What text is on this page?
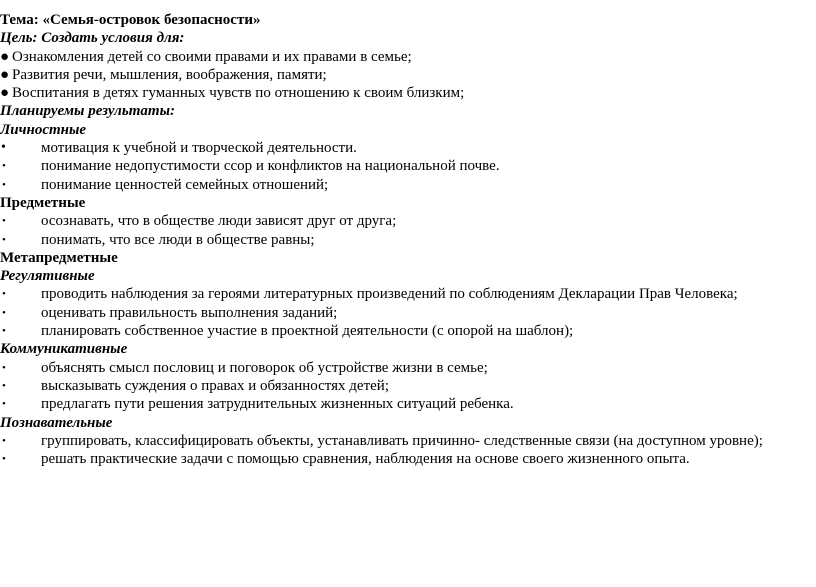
Тема: «Семья-островок безопасности»
Цель: Создать условия для:
● Ознакомления детей со своими правами и их правами в семье;
● Развития речи, мышления, воображения, памяти;
● Воспитания в детях гуманных чувств по отношению к своим близким;
Планируемы результаты:
Личностные
• мотивация к учебной и творческой деятельности.
• понимание недопустимости ссор и конфликтов на национальной почве.
• понимание ценностей семейных отношений;
Предметные
• осознавать, что в обществе люди зависят друг от друга;
• понимать, что все люди в обществе равны;
Метапредметные
Регулятивные
• проводить наблюдения за героями литературных произведений по соблюдениям Декларации Прав Человека;
• оценивать правильность выполнения заданий;
• планировать собственное участие в проектной деятельности (с опорой на шаблон);
Коммуникативные
• объяснять смысл пословиц и поговорок об устройстве жизни в семье;
• высказывать суждения о правах и обязанностях детей;
• предлагать пути решения затруднительных жизненных ситуаций ребенка.
Познавательные
• группировать, классифицировать объекты, устанавливать причинно- следственные связи (на доступном уровне);
• решать практические задачи с помощью сравнения, наблюдения на основе своего жизненного опыта.
